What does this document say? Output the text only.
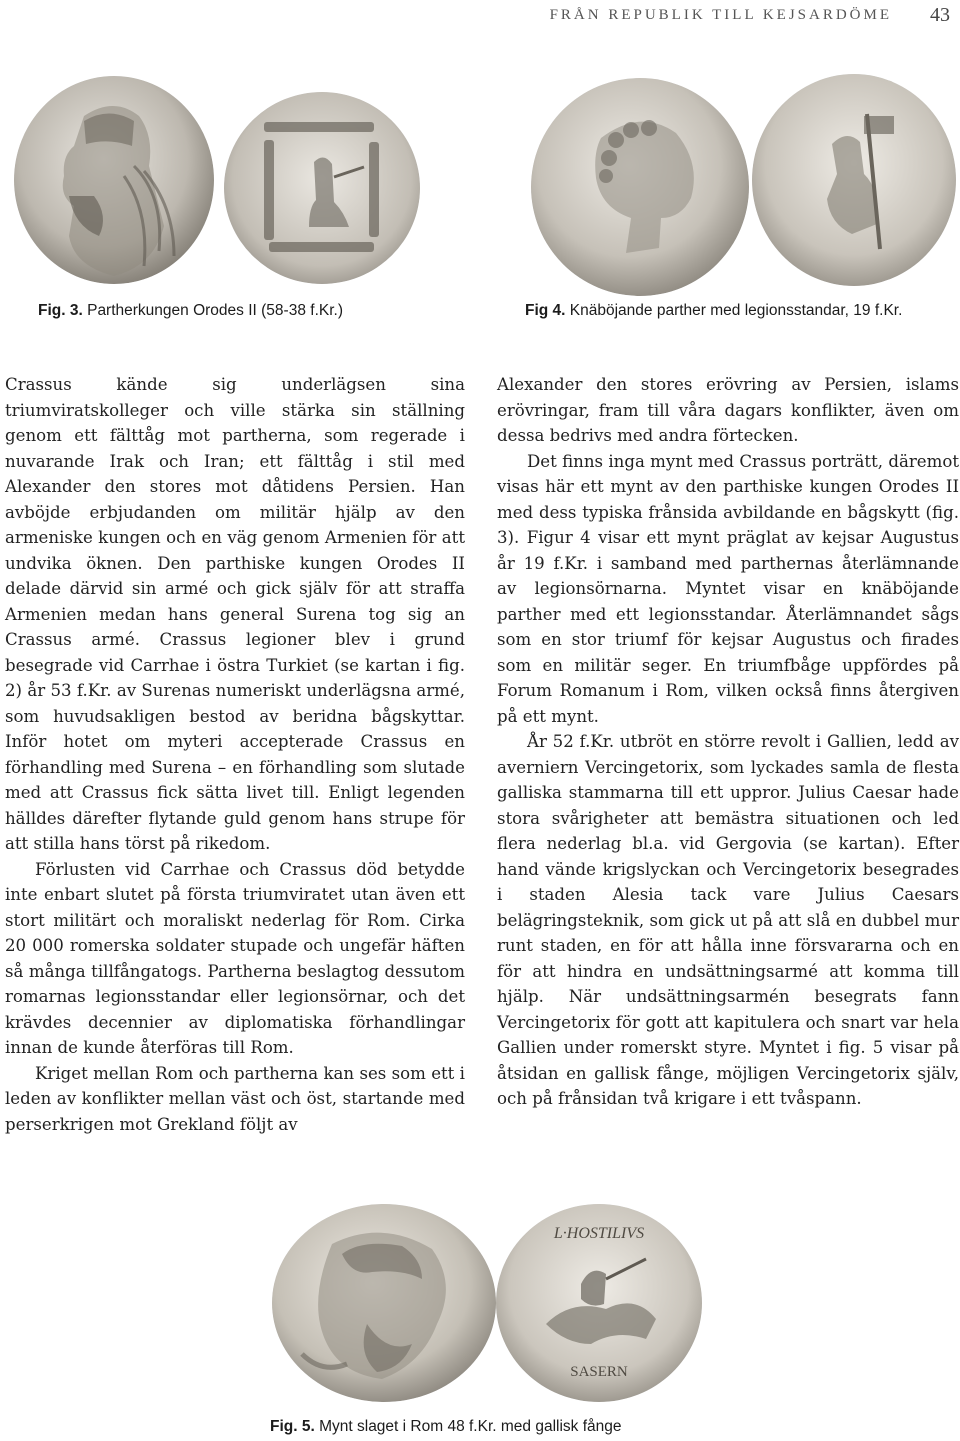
FRÅN REPUBLIK TILL KEJSARDÖME 43
Fig. 3. Partherkungen Orodes II (58-38 f.Kr.)	Fig 4. Knäböjande parther med legionsstandar, 19 f.Kr.

Crassus kände sig underlägsen sina triumviratskolleger och ville stärka sin ställning genom ett fälttåg mot partherna, som regerade i nuvarande Irak och Iran; ett fälttåg i stil med Alexander den stores mot dåtidens Persien. Han avböjde erbjudanden om militär hjälp av den armeniske kungen och en väg genom Armenien för att undvika öknen. Den parthiske kungen Orodes II delade därvid sin armé och gick själv för att straffa Armenien medan hans general Surena tog sig an Crassus armé. Crassus legioner blev i grund besegrade vid Carrhae i östra Turkiet (se kartan i fig. 2) år 53 f.Kr. av Surenas numeriskt underlägsna armé, som huvudsakligen bestod av beridna bågskyttar. Inför hotet om myteri accepterade Crassus en förhandling med Surena – en förhandling som slutade med att Crassus fick sätta livet till. Enligt legenden hälldes därefter flytande guld genom hans strupe för att stilla hans törst på rikedom.

Förlusten vid Carrhae och Crassus död betydde inte enbart slutet på första triumviratet utan även ett stort militärt och moraliskt nederlag för Rom. Cirka 20 000 romerska soldater stupade och ungefär häften så många tillfångatogs. Partherna beslagtog dessutom romarnas legionsstandar eller legionsörnar, och det krävdes decennier av diplomatiska förhandlingar innan de kunde återföras till Rom.

Kriget mellan Rom och partherna kan ses som ett i leden av konflikter mellan väst och öst, startande med perserkrigen mot Grekland följt av

Alexander den stores erövring av Persien, islams erövringar, fram till våra dagars konflikter, även om dessa bedrivs med andra förtecken.

Det finns inga mynt med Crassus porträtt, däremot visas här ett mynt av den parthiske kungen Orodes II med dess typiska frånsida avbildande en bågskytt (fig. 3). Figur 4 visar ett mynt präglat av kejsar Augustus år 19 f.Kr. i samband med parthernas återlämnande av legionsörnarna. Myntet visar en knäböjande parther med ett legionsstandar. Återlämnandet sågs som en stor triumf för kejsar Augustus och firades som en militär seger. En triumfbåge uppfördes på Forum Romanum i Rom, vilken också finns återgiven på ett mynt.

År 52 f.Kr. utbröt en större revolt i Gallien, ledd av averniern Vercingetorix, som lyckades samla de flesta galliska stammarna till ett uppror. Julius Caesar hade stora svårigheter att bemästra situationen och led flera nederlag bl.a. vid Gergovia (se kartan). Efter hand vände krigslyckan och Vercingetorix besegrades i staden Alesia tack vare Julius Caesars belägringsteknik, som gick ut på att slå en dubbel mur runt staden, en för att hålla inne försvararna och en för att hindra en undsättningsarmé att komma till hjälp. När undsättningsarmén besegrats fann Vercingetorix för gott att kapitulera och snart var hela Gallien under romerskt styre. Myntet i fig. 5 visar på åtsidan en gallisk fånge, möjligen Vercingetorix själv, och på frånsidan två krigare i ett tvåspann.

L·HOSTILIVS
SASERN
Fig. 5. Mynt slaget i Rom 48 f.Kr. med gallisk fånge
